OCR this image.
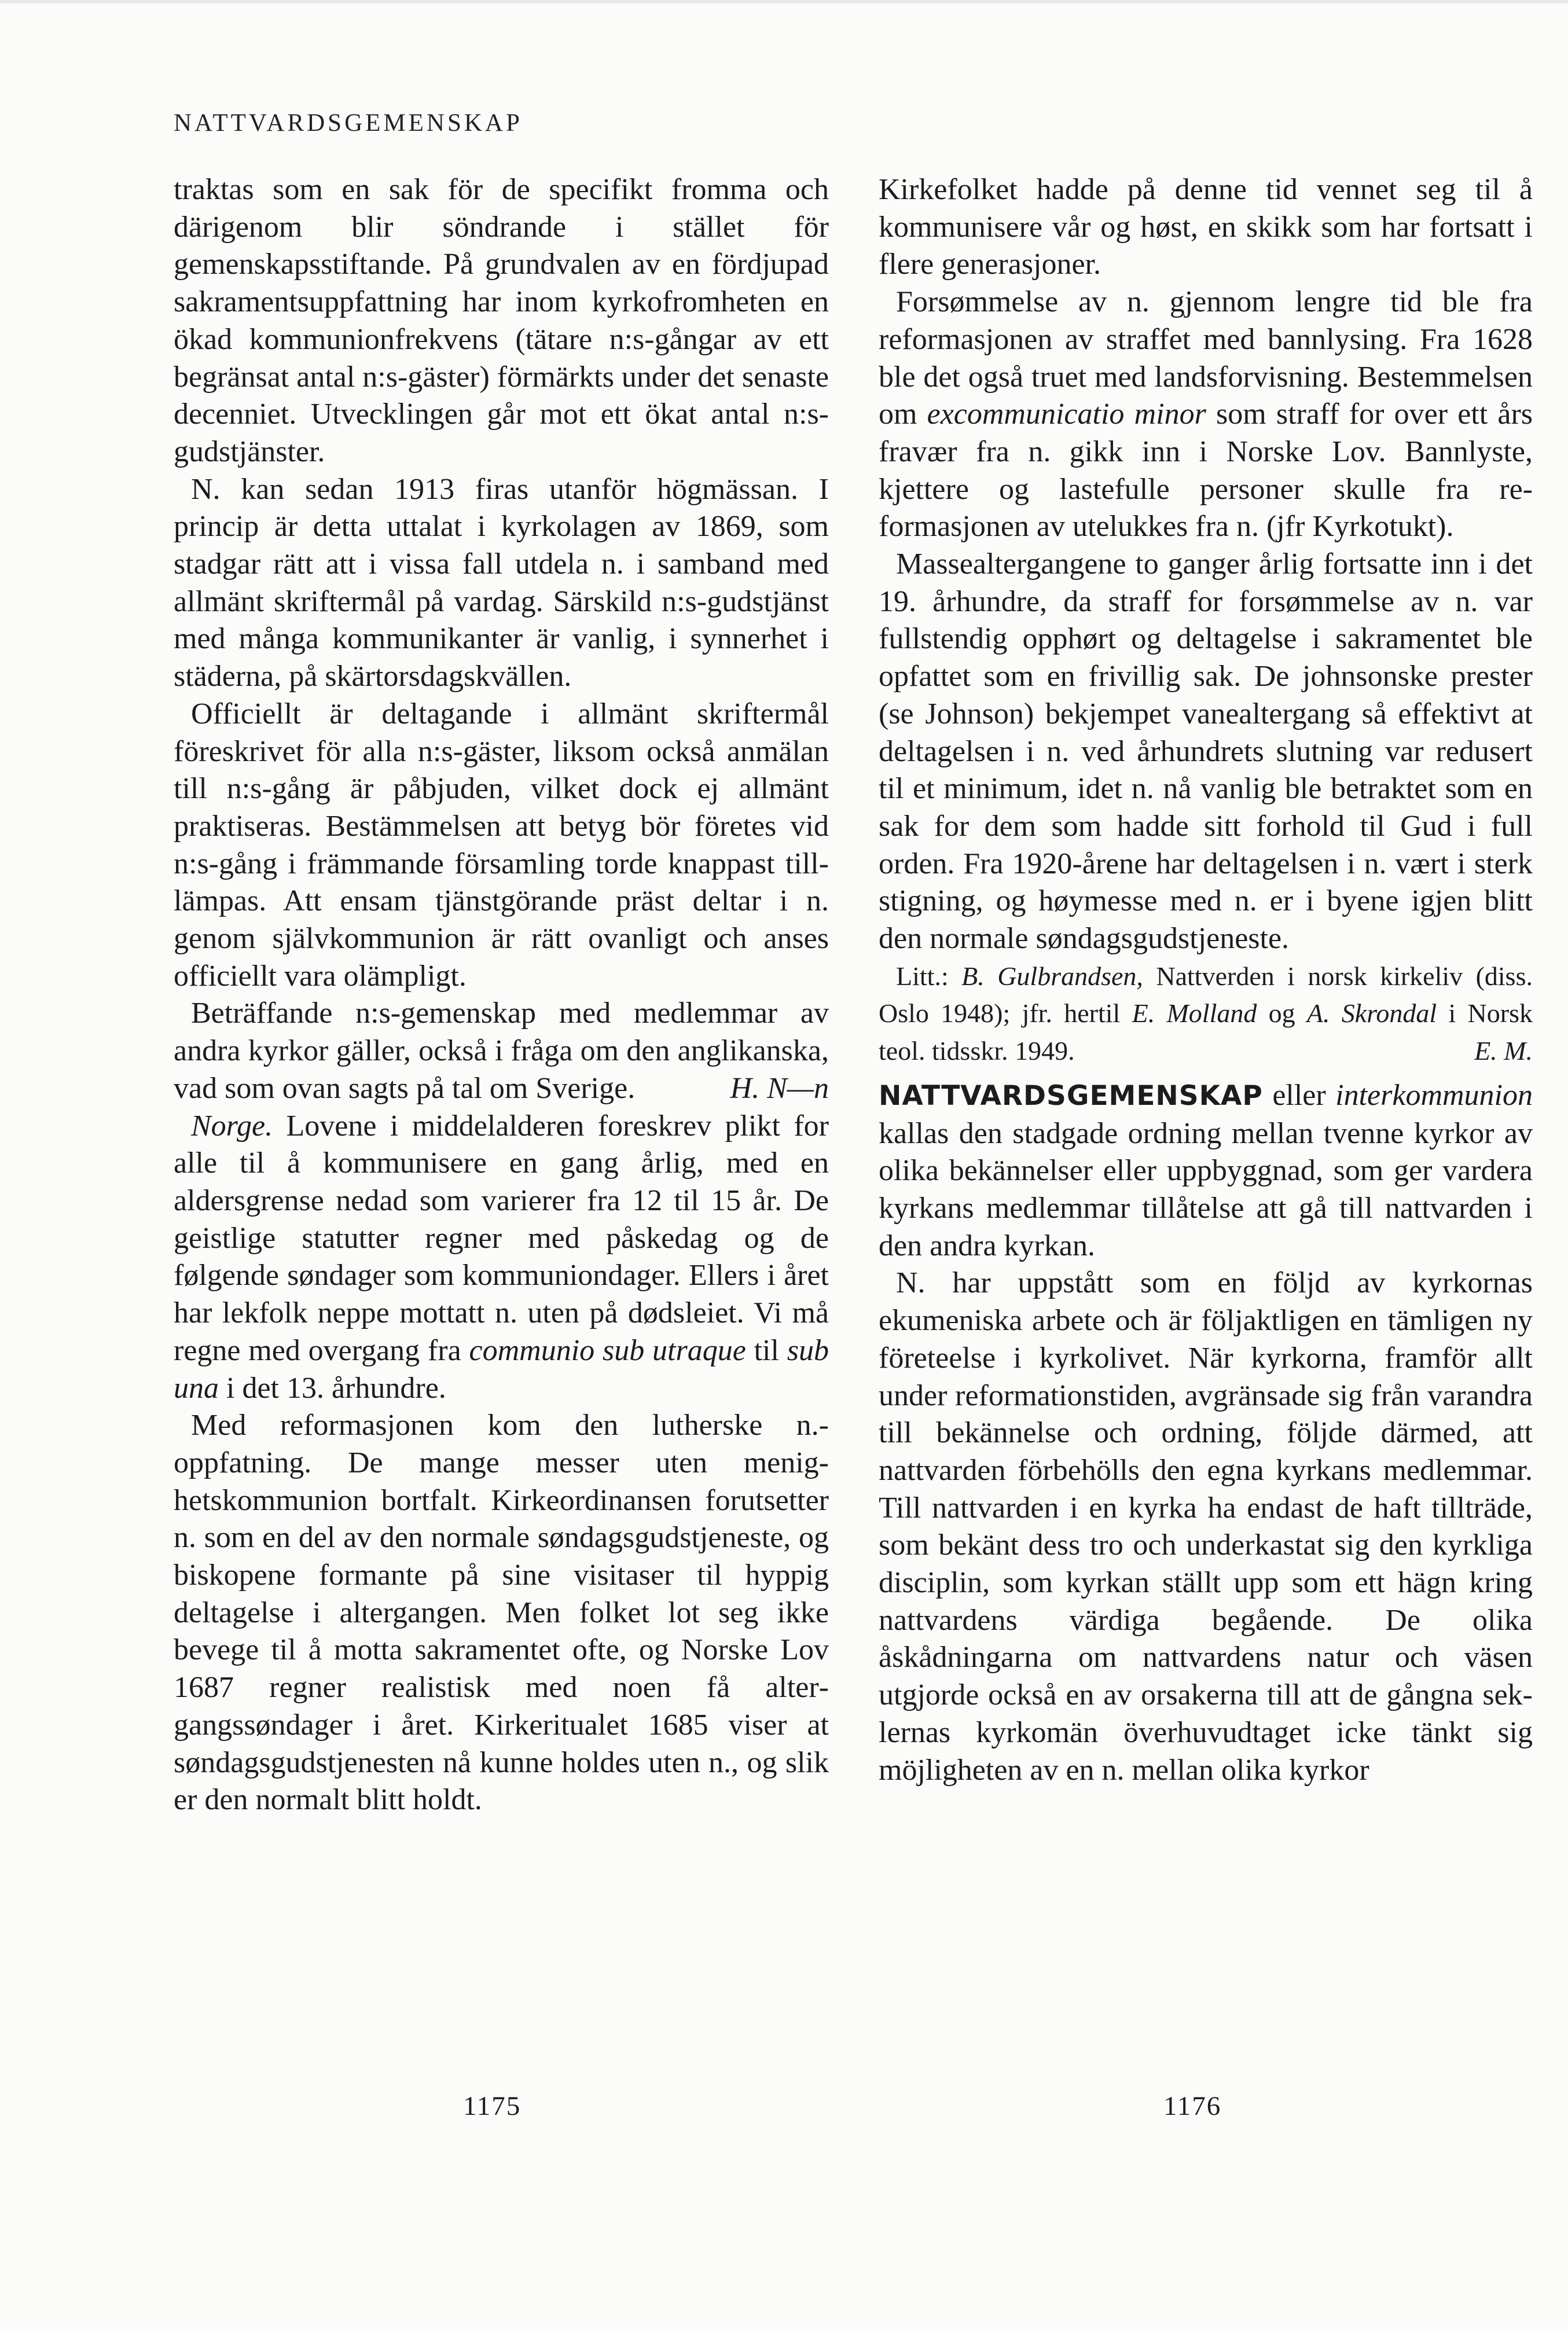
NATTVARDSGEMENSKAP

traktas som en sak för de specifikt fromma och därigenom blir söndrande i stället för gemenskapsstiftande. På grundvalen av en fördjupad sakramentsuppfattning har inom kyrkofromheten en ökad kommunionfrekvens (tätare n:s-gångar av ett begränsat antal n:s-gäster) förmärkts under det senaste decenniet. Utvecklingen går mot ett ökat antal n:s-gudstjänster.

N. kan sedan 1913 firas utanför högmässan. I princip är detta uttalat i kyrkolagen av 1869, som stadgar rätt att i vissa fall utdela n. i samband med allmänt skriftermål på vardag. Särskild n:s-gudstjänst med många kommunikanter är vanlig, i synnerhet i städerna, på skärtorsdagskvällen.

Officiellt är deltagande i allmänt skriftermål föreskrivet för alla n:s-gäster, liksom också anmälan till n:s-gång är påbjuden, vilket dock ej allmänt praktiseras. Bestämmelsen att betyg bör företes vid n:s-gång i främmande församling torde knappast tilllämpas. Att ensam tjänstgörande präst deltar i n. genom självkommunion är rätt ovanligt och anses officiellt vara olämpligt.

Beträffande n:s-gemenskap med medlemmar av andra kyrkor gäller, också i fråga om den anglikanska, vad som ovan sagts på tal om Sverige.	H. N—n

Norge. Lovene i middelalderen foreskrev plikt for alle til å kommunisere en gang årlig, med en aldersgrense nedad som varierer fra 12 til 15 år. De geistlige statutter regner med påskedag og de følgende søndager som kommuniondager. Ellers i året har lekfolk neppe mottatt n. uten på dødsleiet. Vi må regne med overgang fra communio sub utraque til sub una i det 13. århundre.

Med reformasjonen kom den lutherske n.-oppfatning. De mange messer uten menighetskommunion bortfalt. Kirkeordinansen forutsetter n. som en del av den normale søndagsgudstjeneste, og biskopene formante på sine visitaser til hyppig deltagelse i altergangen. Men folket lot seg ikke bevege til å motta sakramentet ofte, og Norske Lov 1687 regner realistisk med noen få altergangssøndager i året. Kirkeritualet 1685 viser at søndagsgudstjenesten nå kunne holdes uten n., og slik er den normalt blitt holdt.

Kirkefolket hadde på denne tid vennet seg til å kommunisere vår og høst, en skikk som har fortsatt i flere generasjoner.

Forsømmelse av n. gjennom lengre tid ble fra reformasjonen av straffet med bannlysing. Fra 1628 ble det også truet med landsforvisning. Bestemmelsen om excommunicatio minor som straff for over ett års fravær fra n. gikk inn i Norske Lov. Bannlyste, kjettere og lastefulle personer skulle fra reformasjonen av utelukkes fra n. (jfr Kyrkotukt).

Massealtergangene to ganger årlig fortsatte inn i det 19. århundre, da straff for forsømmelse av n. var fullstendig opphørt og deltagelse i sakramentet ble opfattet som en frivillig sak. De johnsonske prester (se Johnson) bekjempet vanealtergang så effektivt at deltagelsen i n. ved århundrets slutning var redusert til et minimum, idet n. nå vanlig ble betraktet som en sak for dem som hadde sitt forhold til Gud i full orden. Fra 1920-årene har deltagelsen i n. vært i sterk stigning, og høymesse med n. er i byene igjen blitt den normale søndagsgudstjeneste.

Litt.: B. Gulbrandsen, Nattverden i norsk kirkeliv (diss. Oslo 1948); jfr. hertil E. Molland og A. Skrondal i Norsk teol. tidsskr. 1949.	E. M.

NATTVARDSGEMENSKAP eller interkommunion kallas den stadgade ordning mellan tvenne kyrkor av olika bekännelser eller uppbyggnad, som ger vardera kyrkans medlemmar tillåtelse att gå till nattvarden i den andra kyrkan.

N. har uppstått som en följd av kyrkornas ekumeniska arbete och är följaktligen en tämligen ny företeelse i kyrkolivet. När kyrkorna, framför allt under reformationstiden, avgränsade sig från varandra till bekännelse och ordning, följde därmed, att nattvarden förbehölls den egna kyrkans medlemmar. Till nattvarden i en kyrka ha endast de haft tillträde, som bekänt dess tro och underkastat sig den kyrkliga disciplin, som kyrkan ställt upp som ett hägn kring nattvardens värdiga begående. De olika åskådningarna om nattvardens natur och väsen utgjorde också en av orsakerna till att de gångna seklernas kyrkomän överhuvudtaget icke tänkt sig möjligheten av en n. mellan olika kyrkor

1175	1176
